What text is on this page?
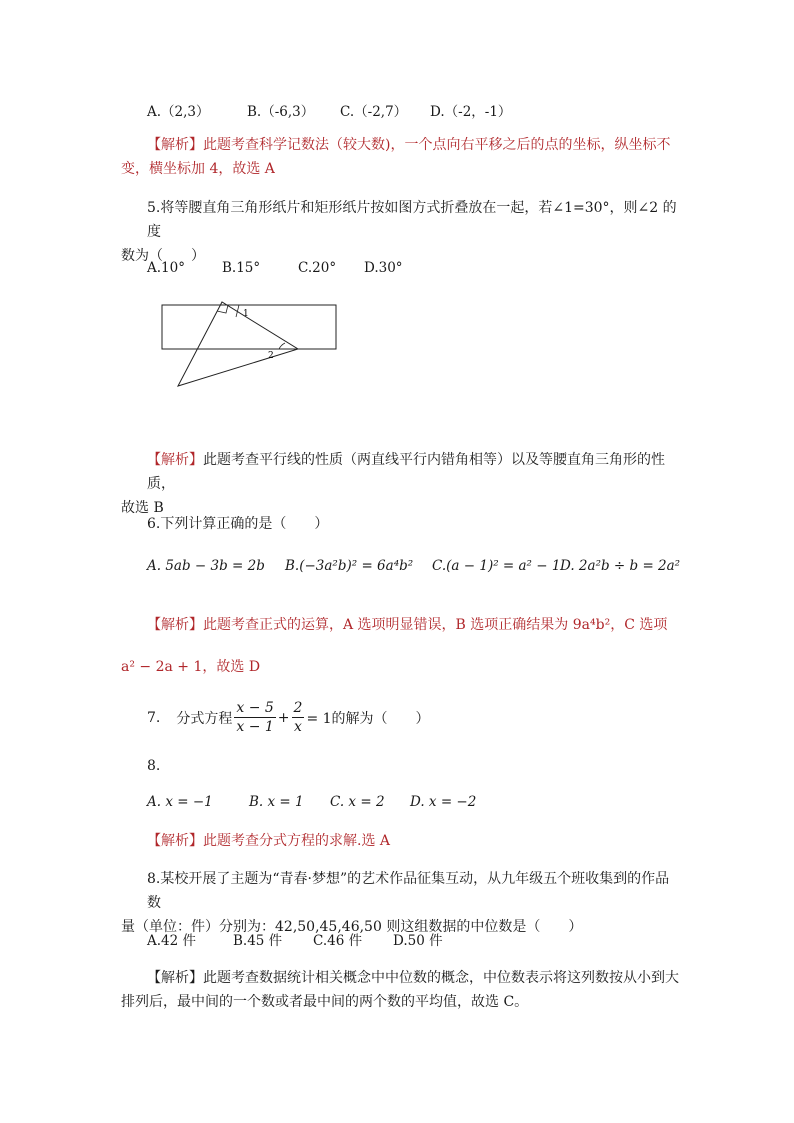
A.（2,3）	B.（-6,3） C.（-2,7） D.（-2，-1）
【解析】此题考查科学记数法（较大数)，一个点向右平移之后的点的坐标，纵坐标不
变，横坐标加 4，故选 A
5.将等腰直角三角形纸片和矩形纸片按如图方式折叠放在一起，若∠1=30°，则∠2 的度
数为（　　）
A.10°	B.15°	C.20° D.30°
1
2
【解析】此题考查平行线的性质（两直线平行内错角相等）以及等腰直角三角形的性质，
故选 B
6.下列计算正确的是（　　）
A. 5ab − 3b = 2b B.(−3a²b)² = 6a⁴b² C.(a − 1)² = a² − 1 D. 2a²b ÷ b = 2a²
【解析】此题考查正式的运算，A 选项明显错误，B 选项正确结果为 9a⁴b²，C 选项
a² − 2a + 1，故选 D
7. 分式方程 $\frac{x - 5}{x - 1} + \frac{2}{x} = 1$的解为（　　）
8.
A. x = −1	B. x = 1 C. x = 2 D. x = −2
【解析】此题考查分式方程的求解.选 A
8.某校开展了主题为“青春·梦想”的艺术作品征集互动，从九年级五个班收集到的作品数
量（单位：件）分别为：42,50,45,46,50 则这组数据的中位数是（　　）
A.42 件	B.45 件 C.46 件 D.50 件
【解析】此题考查数据统计相关概念中中位数的概念，中位数表示将这列数按从小到大
排列后，最中间的一个数或者最中间的两个数的平均值，故选 C。
